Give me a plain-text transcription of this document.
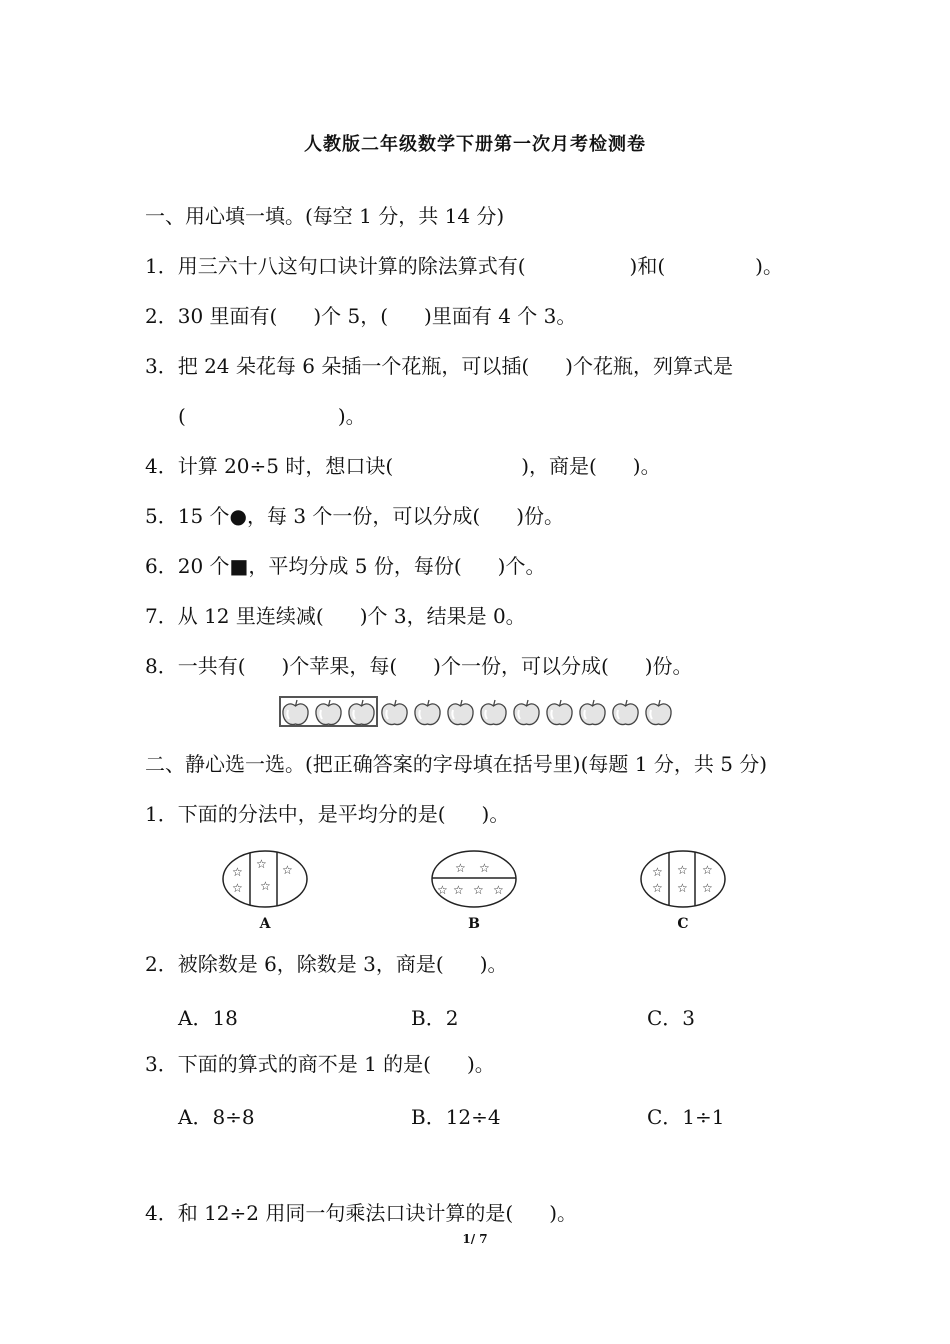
人教版二年级数学下册第一次月考检测卷
一、用心填一填。(每空 1 分，共 14 分)
1．用三六十八这句口诀计算的除法算式有(	)和(	)。
2．30 里面有( )个 5，( )里面有 4 个 3。
3．把 24 朵花每 6 朵插一个花瓶，可以插( )个花瓶，列算式是
(	)。
4．计算 20÷5 时，想口诀(	)，商是( )。
5．15 个●，每 3 个一份，可以分成( )份。
6．20 个■，平均分成 5 份，每份( )个。
7．从 12 里连续减( )个 3，结果是 0。
8．一共有( )个苹果，每( )个一份，可以分成( )份。
二、静心选一选。(把正确答案的字母填在括号里)(每题 1 分，共 5 分)
1．下面的分法中，是平均分的是( )。
☆
☆
☆
☆
☆
A
☆ ☆
☆ ☆ ☆ ☆
B
☆
☆
☆
☆
☆
☆
C
2．被除数是 6，除数是 3，商是( )。
A．18	B．2	C．3
3．下面的算式的商不是 1 的是( )。
A．8÷8	B．12÷4	C．1÷1
4．和 12÷2 用同一句乘法口诀计算的是( )。
1/ 7
